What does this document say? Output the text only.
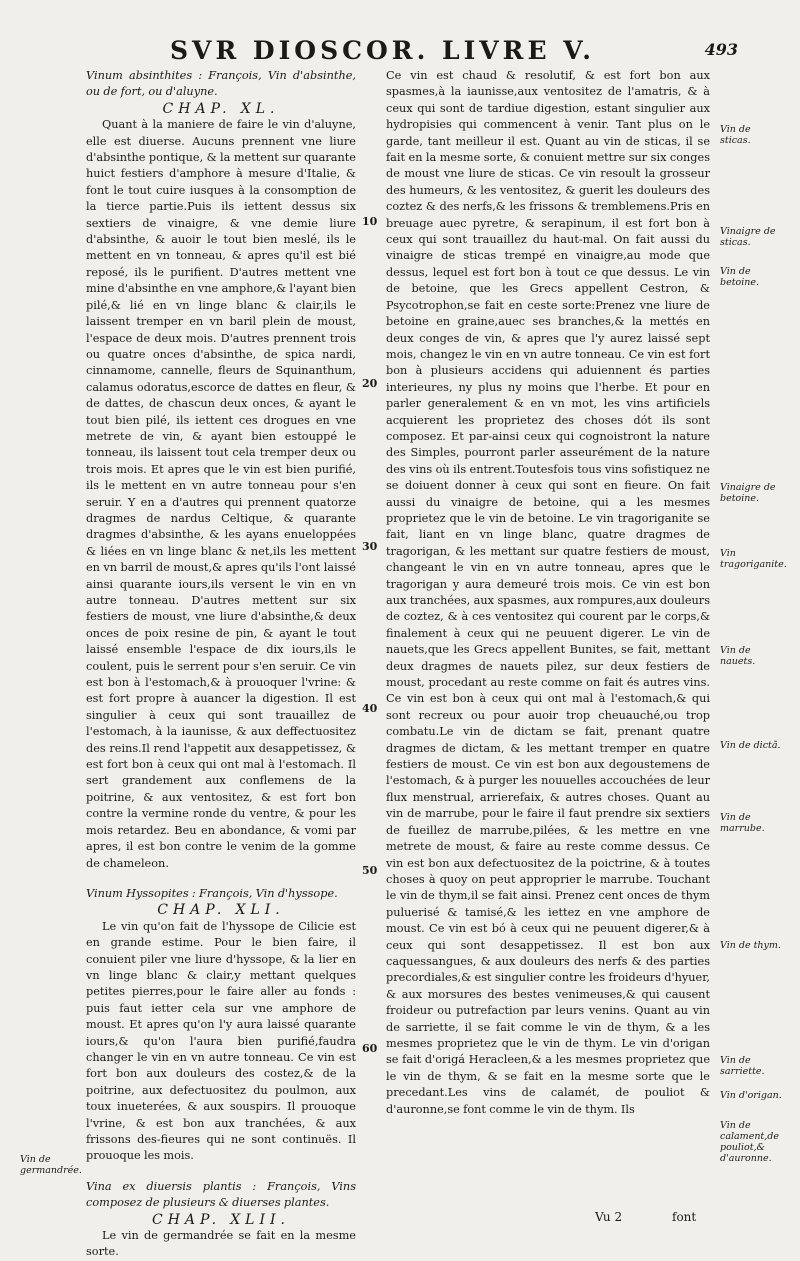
SVR DIOSCOR. LIVRE V.	493

Vinum absinthites : François, Vin d'absinthe, ou de fort, ou d'aluyne.

CHAP. XL.

Quant à la maniere de faire le vin d'aluyne, elle est diuerse. Aucuns prennent vne liure d'absinthe pontique, & la mettent sur quarante huict festiers d'amphore à mesure d'Italie, & font le tout cuire iusques à la consomption de la tierce partie.Puis ils iettent dessus six sextiers de vinaigre, & vne demie liure d'absinthe, & auoir le tout bien meslé, ils le mettent en vn tonneau, & apres qu'il est bié reposé, ils le purifient. D'autres mettent vne mine d'absinthe en vne amphore,& l'ayant bien pilé,& lié en vn linge blanc & clair,ils le laissent tremper en vn baril plein de moust, l'espace de deux mois. D'autres prennent trois ou quatre onces d'absinthe, de spica nardi, cinnamome, cannelle, fleurs de Squinanthum, calamus odoratus,escorce de dattes en fleur, & de dattes, de chascun deux onces, & ayant le tout bien pilé, ils iettent ces drogues en vne metrete de vin, & ayant bien estouppé le tonneau, ils laissent tout cela tremper deux ou trois mois. Et apres que le vin est bien purifié, ils le mettent en vn autre tonneau pour s'en seruir. Y en a d'autres qui prennent quatorze dragmes de nardus Celtique, & quarante dragmes d'absinthe, & les ayans enueloppées & liées en vn linge blanc & net,ils les mettent en vn barril de moust,& apres qu'ils l'ont laissé ainsi quarante iours,ils versent le vin en vn autre tonneau. D'autres mettent sur six festiers de moust, vne liure d'absinthe,& deux onces de poix resine de pin, & ayant le tout laissé ensemble l'espace de dix iours,ils le coulent, puis le serrent pour s'en seruir. Ce vin est bon à l'estomach,& à prouoquer l'vrine: & est fort propre à auancer la digestion. Il est singulier à ceux qui sont trauaillez de l'estomach, à la iaunisse, & aux deffectuositez des reins.Il rend l'appetit aux desappetissez, & est fort bon à ceux qui ont mal à l'estomach. Il sert grandement aux conflemens de la poitrine, & aux ventositez, & est fort bon contre la vermine ronde du ventre, & pour les mois retardez. Beu en abondance, & vomi par apres, il est bon contre le venim de la gomme de chameleon.

Vinum Hyssopites : François, Vin d'hyssope.

CHAP. XLI.

Le vin qu'on fait de l'hyssope de Cilicie est en grande estime. Pour le bien faire, il conuient piler vne liure d'hyssope, & la lier en vn linge blanc & clair,y mettant quelques petites pierres,pour le faire aller au fonds : puis faut ietter cela sur vne amphore de moust. Et apres qu'on l'y aura laissé quarante iours,& qu'on l'aura bien purifié,faudra changer le vin en vn autre tonneau. Ce vin est fort bon aux douleurs des costez,& de la poitrine, aux defectuositez du poulmon, aux toux inueterées, & aux souspirs. Il prouoque l'vrine, & est bon aux tranchées, & aux frissons des-fieures qui ne sont continuës. Il prouoque les mois.

Vina ex diuersis plantis : François, Vins composez de plusieurs & diuerses plantes.

CHAP. XLII.

Le vin de germandrée se fait en la mesme sorte.

Ce vin est chaud & resolutif, & est fort bon aux spasmes,à la iaunisse,aux ventositez de l'amatris, & à ceux qui sont de tardiue digestion, estant singulier aux hydropisies qui commencent à venir. Tant plus on le garde, tant meilleur il est. Quant au vin de sticas, il se fait en la mesme sorte, & conuient mettre sur six conges de moust vne liure de sticas. Ce vin resoult la grosseur des humeurs, & les ventositez, & guerit les douleurs des coztez & des nerfs,& les frissons & tremblemens.Pris en breuage auec pyretre, & serapinum, il est fort bon à ceux qui sont trauaillez du haut-mal. On fait aussi du vinaigre de sticas trempé en vinaigre,au mode que dessus, lequel est fort bon à tout ce que dessus. Le vin de betoine, que les Grecs appellent Cestron, & Psycotrophon,se fait en ceste sorte:Prenez vne liure de betoine en graine,auec ses branches,& la mettés en deux conges de vin, & apres que l'y aurez laissé sept mois, changez le vin en vn autre tonneau. Ce vin est fort bon à plusieurs accidens qui aduiennent és parties interieures, ny plus ny moins que l'herbe. Et pour en parler generalement & en vn mot, les vins artificiels acquierent les proprietez des choses dót ils sont composez. Et par-ainsi ceux qui cognoistront la nature des Simples, pourront parler asseurément de la nature des vins où ils entrent.Toutesfois tous vins sofistiquez ne se doiuent donner à ceux qui sont en fieure. On fait aussi du vinaigre de betoine, qui a les mesmes proprietez que le vin de betoine. Le vin tragoriganite se fait, liant en vn linge blanc, quatre dragmes de tragorigan, & les mettant sur quatre festiers de moust, changeant le vin en vn autre tonneau, apres que le tragorigan y aura demeuré trois mois. Ce vin est bon aux tranchées, aux spasmes, aux rompures,aux douleurs de coztez, & à ces ventositez qui courent par le corps,& finalement à ceux qui ne peuuent digerer. Le vin de nauets,que les Grecs appellent Bunites, se fait, mettant deux dragmes de nauets pilez, sur deux festiers de moust, procedant au reste comme on fait és autres vins. Ce vin est bon à ceux qui ont mal à l'estomach,& qui sont recreux ou pour auoir trop cheuauché,ou trop combatu.Le vin de dictam se fait, prenant quatre dragmes de dictam, & les mettant tremper en quatre festiers de moust. Ce vin est bon aux degoustemens de l'estomach, & à purger les nouuelles accouchées de leur flux menstrual, arrierefaix, & autres choses. Quant au vin de marrube, pour le faire il faut prendre six sextiers de fueillez de marrube,pilées, & les mettre en vne metrete de moust, & faire au reste comme dessus. Ce vin est bon aux defectuositez de la poictrine, & à toutes choses à quoy on peut approprier le marrube. Touchant le vin de thym,il se fait ainsi. Prenez cent onces de thym puluerisé & tamisé,& les iettez en vne amphore de moust. Ce vin est bó à ceux qui ne peuuent digerer,& à ceux qui sont desappetissez. Il est bon aux caquessangues, & aux douleurs des nerfs & des parties precordiales,& est singulier contre les froideurs d'hyuer, & aux morsures des bestes venimeuses,& qui causent froideur ou putrefaction par leurs venins. Quant au vin de sarriette, il se fait comme le vin de thym, & a les mesmes proprietez que le vin de thym. Le vin d'origan se fait d'origá Heracleen,& a les mesmes proprietez que le vin de thym, & se fait en la mesme sorte que le precedant.Les vins de calamét, de pouliot & d'auronne,se font comme le vin de thym. Ils

10
20
30
40
50
60
Vin de sticas.
Vinaigre de sticas.
Vin de betoine.
Vinaigre de betoine.
Vin tragoriganite.
Vin de nauets.
Vin de dictã.
Vin de marrube.
Vin de thym.
Vin de sarriette.
Vin d'origan.
Vin de calament,de pouliot,& d'auronne.
Vin de germandrée.
Vu 2	font
